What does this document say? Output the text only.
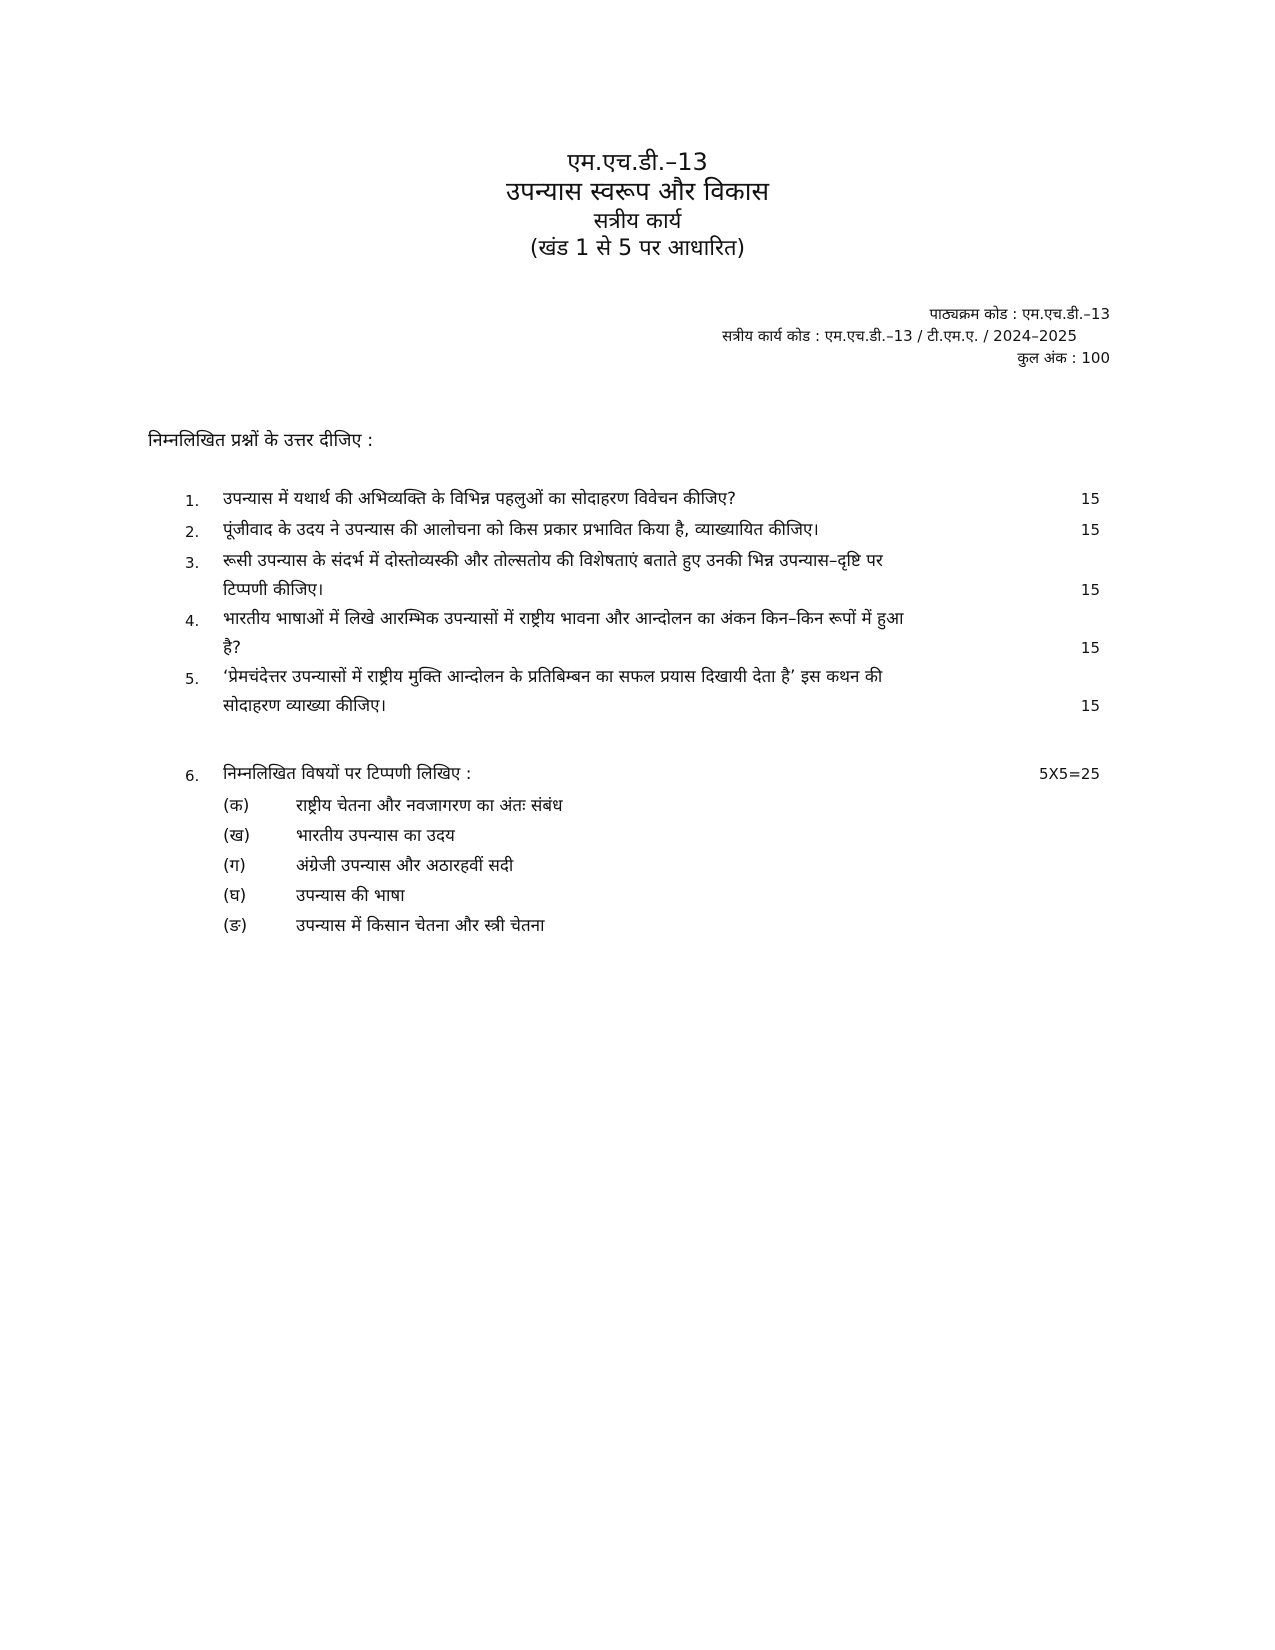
एम.एच.डी.–13
उपन्यास स्वरूप और विकास
सत्रीय कार्य
(खंड 1 से 5 पर आधारित)
पाठ्यक्रम कोड : एम.एच.डी.–13
सत्रीय कार्य कोड : एम.एच.डी.–13 / टी.एम.ए. / 2024–2025
कुल अंक : 100
निम्नलिखित प्रश्नों के उत्तर दीजिए :
1.	उपन्यास में यथार्थ की अभिव्यक्ति के विभिन्न पहलुओं का सोदाहरण विवेचन कीजिए?	15
2.	पूंजीवाद के उदय ने उपन्यास की आलोचना को किस प्रकार प्रभावित किया है, व्याख्यायित कीजिए।	15
3.	रूसी उपन्यास के संदर्भ में दोस्तोव्यस्की और तोल्सतोय की विशेषताएं बताते हुए उनकी भिन्न उपन्यास–दृष्टि पर
टिप्पणी कीजिए।	15
4.	भारतीय भाषाओं में लिखे आरम्भिक उपन्यासों में राष्ट्रीय भावना और आन्दोलन का अंकन किन–किन रूपों में हुआ
है?	15
5.	‘प्रेमचंदेत्तर उपन्यासों में राष्ट्रीय मुक्ति आन्दोलन के प्रतिबिम्बन का सफल प्रयास दिखायी देता है’ इस कथन की
सोदाहरण व्याख्या कीजिए।	15
6.	निम्नलिखित विषयों पर टिप्पणी लिखिए :	5X5=25
(क)	राष्ट्रीय चेतना और नवजागरण का अंतः संबंध
(ख)	भारतीय उपन्यास का उदय
(ग)	अंग्रेजी उपन्यास और अठारहवीं सदी
(घ)	उपन्यास की भाषा
(ङ)	उपन्यास में किसान चेतना और स्त्री चेतना
